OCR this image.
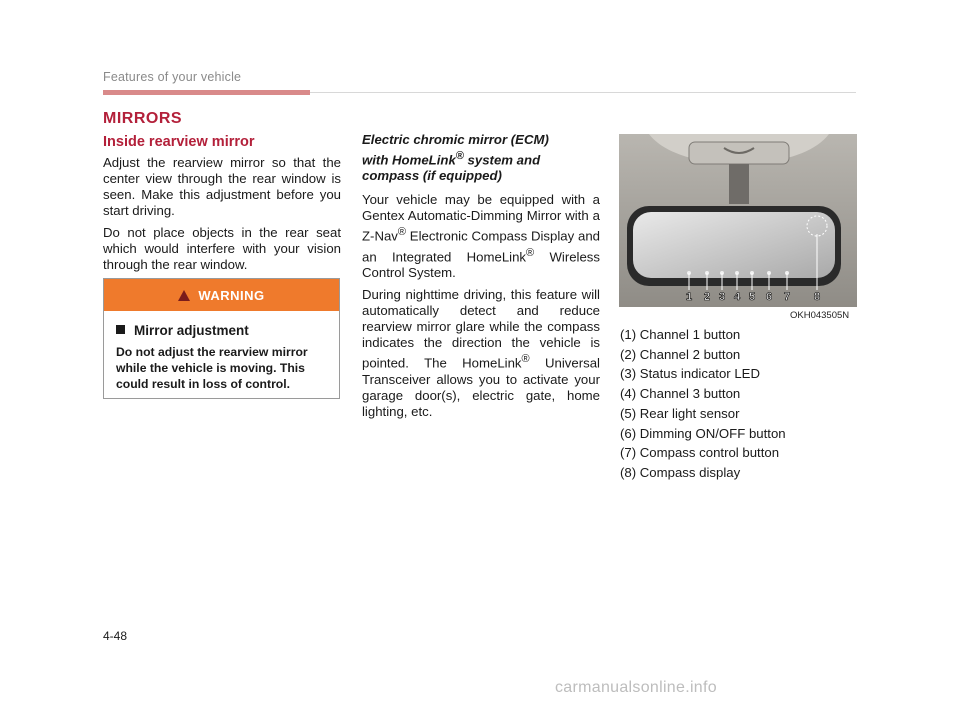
Features of your vehicle
MIRRORS
Inside rearview mirror

Adjust the rearview mirror so that the center view through the rear window is seen. Make this adjustment before you start driving.

Do not place objects in the rear seat which would interfere with your vision through the rear window.

WARNING
Mirror adjustment
Do not adjust the rearview mirror while the vehicle is moving. This could result in loss of control.
Electric chromic mirror (ECM)
with HomeLink® system and
compass (if equipped)

Your vehicle may be equipped with a Gentex Automatic-Dimming Mirror with a Z-Nav® Electronic Compass Display and an Integrated HomeLink® Wireless Control System.

During nighttime driving, this feature will automatically detect and reduce rearview mirror glare while the compass indicates the direction the vehicle is pointed. The HomeLink® Universal Transceiver allows you to activate your garage door(s), electric gate, home lighting, etc.

1 2 3 4 5 6 7 8
OKH043505N
(1) Channel 1 button
(2) Channel 2 button
(3) Status indicator LED
(4) Channel 3 button
(5) Rear light sensor
(6) Dimming ON/OFF button
(7) Compass control button
(8) Compass display
4-48
carmanualsonline.info
